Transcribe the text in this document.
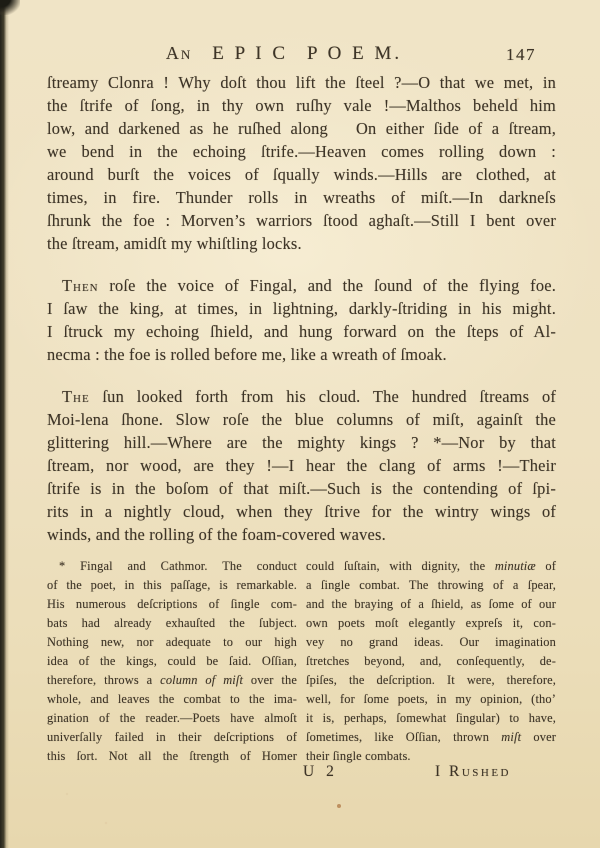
An E P I C P O E M.	147
ſtreamy Clonra ! Why doſt thou lift the ſteel ?—O that we met, in
the ſtrife of ſong, in thy own ruſhy vale !—Malthos beheld him
low, and darkened as he ruſhed along   On either ſide of a ſtream,
we bend in the echoing ſtrife.—Heaven comes rolling down :
around burſt the voices of ſqually winds.—Hills are clothed, at
times, in fire. Thunder rolls in wreaths of miſt.—In darkneſs
ſhrunk the foe : Morven’s warriors ſtood aghaſt.—Still I bent over
the ſtream, amidſt my whiſtling locks.
Then roſe the voice of Fingal, and the ſound of the flying foe.
I ſaw the king, at times, in lightning, darkly-ſtriding in his might.
I ſtruck my echoing ſhield, and hung forward on the ſteps of Al-
necma : the foe is rolled before me, like a wreath of ſmoak.
The ſun looked forth from his cloud. The hundred ſtreams of
Moi-lena ſhone. Slow roſe the blue columns of miſt, againſt the
glittering hill.—Where are the mighty kings ? *—Nor by that
ſtream, nor wood, are they !—I hear the clang of arms !—Their
ſtrife is in the boſom of that miſt.—Such is the contending of ſpi-
rits in a nightly cloud, when they ſtrive for the wintry wings of
winds, and the rolling of the foam-covered waves.
* Fingal and Cathmor. The conduct
of the poet, in this paſſage, is remarkable.
His numerous deſcriptions of ſingle com-
bats had already exhauſted the ſubject.
Nothing new, nor adequate to our high
idea of the kings, could be ſaid. Oſſian,
therefore, throws a column of miſt over the
whole, and leaves the combat to the ima-
gination of the reader.—Poets have almoſt
univerſally failed in their deſcriptions of
this ſort. Not all the ſtrength of Homer
could ſuſtain, with dignity, the minutiæ of
a ſingle combat. The throwing of a ſpear,
and the braying of a ſhield, as ſome of our
own poets moſt elegantly expreſs it, con-
vey no grand ideas. Our imagination
ſtretches beyond, and, conſequently, de-
ſpiſes, the deſcription. It were, therefore,
well, for ſome poets, in my opinion, (tho’
it is, perhaps, ſomewhat ſingular) to have,
ſometimes, like Oſſian, thrown miſt over
their ſingle combats.
U 2	I Rushed
